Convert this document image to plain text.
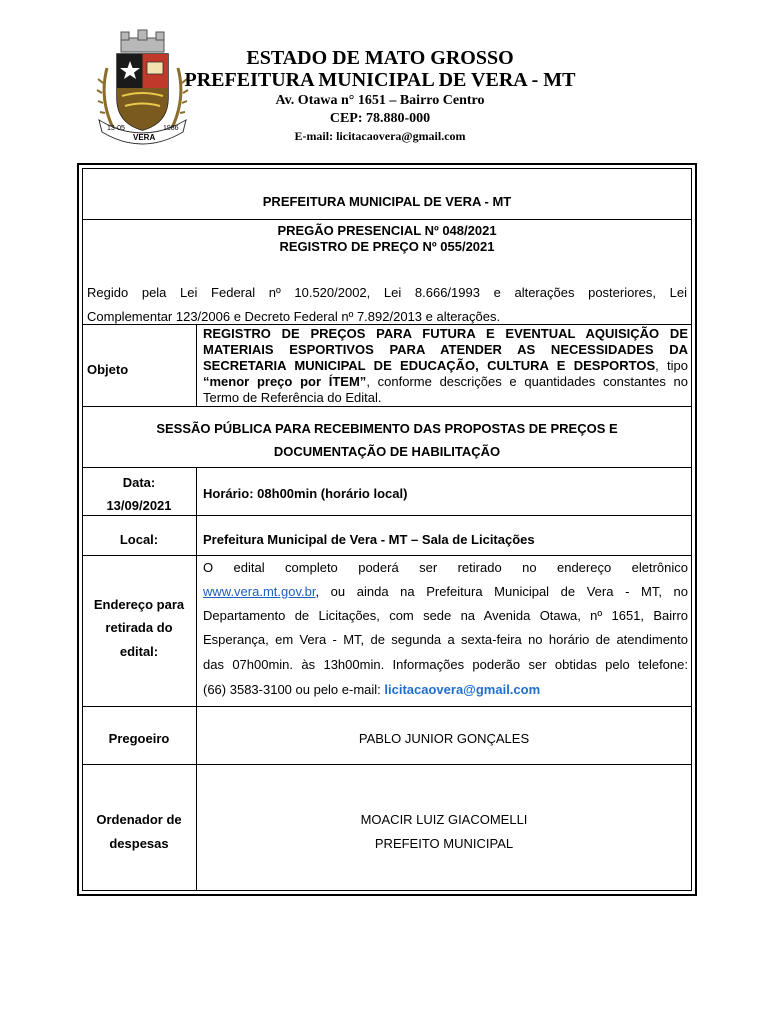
13-05
VERA
1986
ESTADO DE MATO GROSSO
PREFEITURA MUNICIPAL DE VERA - MT
Av. Otawa n° 1651 – Bairro Centro
CEP: 78.880-000
E-mail: licitacaovera@gmail.com
PREFEITURA MUNICIPAL DE VERA - MT
PREGÃO PRESENCIAL Nº 048/2021
REGISTRO DE PREÇO Nº 055/2021
Regido pela Lei Federal nº 10.520/2002, Lei 8.666/1993 e alterações posteriores, Lei
Complementar 123/2006 e Decreto Federal nº 7.892/2013 e alterações.
Objeto
REGISTRO DE PREÇOS PARA FUTURA E EVENTUAL AQUISIÇÃO DE
MATERIAIS ESPORTIVOS PARA ATENDER AS NECESSIDADES DA
SECRETARIA MUNICIPAL DE EDUCAÇÃO, CULTURA E DESPORTOS, tipo
“menor preço por ÍTEM”, conforme descrições e quantidades constantes no
Termo de Referência do Edital.
SESSÃO PÚBLICA PARA RECEBIMENTO DAS PROPOSTAS DE PREÇOS E
DOCUMENTAÇÃO DE HABILITAÇÃO
Data:
13/09/2021
Horário: 08h00min (horário local)
Local:	Prefeitura Municipal de Vera - MT – Sala de Licitações
Endereço para
retirada do
edital:
O edital completo poderá ser retirado no endereço eletrônico
www.vera.mt.gov.br, ou ainda na Prefeitura Municipal de Vera - MT, no
Departamento de Licitações, com sede na Avenida Otawa, nº 1651, Bairro
Esperança, em Vera - MT, de segunda a sexta-feira no horário de atendimento
das 07h00min. às 13h00min. Informações poderão ser obtidas pelo telefone:
(66) 3583-3100 ou pelo e-mail: licitacaovera@gmail.com
Pregoeiro	PABLO JUNIOR GONÇALES
Ordenador de
despesas
MOACIR LUIZ GIACOMELLI
PREFEITO MUNICIPAL
